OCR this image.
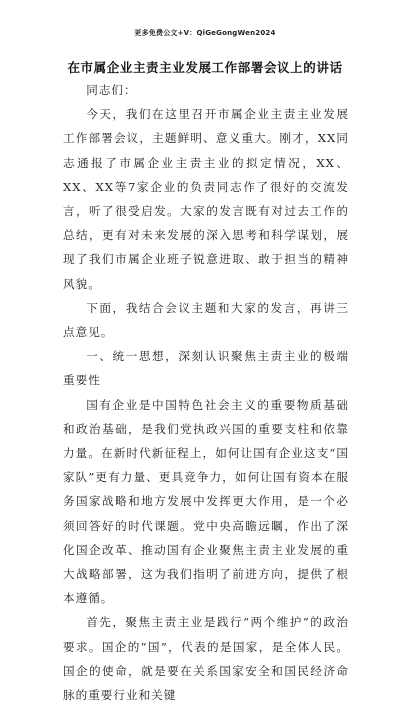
更多免费公文+V：QiGeGongWen2024
在市属企业主责主业发展工作部署会议上的讲话

同志们：

今天，我们在这里召开市属企业主责主业发展工作部署会议，主题鲜明、意义重大。刚才，XX同志通报了市属企业主责主业的拟定情况，XX、XX、XX等7家企业的负责同志作了很好的交流发言，听了很受启发。大家的发言既有对过去工作的总结，更有对未来发展的深入思考和科学谋划，展现了我们市属企业班子锐意进取、敢于担当的精神风貌。

下面，我结合会议主题和大家的发言，再讲三点意见。

一、统一思想，深刻认识聚焦主责主业的极端重要性

国有企业是中国特色社会主义的重要物质基础和政治基础，是我们党执政兴国的重要支柱和依靠力量。在新时代新征程上，如何让国有企业这支“国家队”更有力量、更具竞争力，如何让国有资本在服务国家战略和地方发展中发挥更大作用，是一个必须回答好的时代课题。党中央高瞻远瞩，作出了深化国企改革、推动国有企业聚焦主责主业发展的重大战略部署，这为我们指明了前进方向，提供了根本遵循。

首先，聚焦主责主业是践行“两个维护”的政治要求。国企的“国”，代表的是国家，是全体人民。国企的使命，就是要在关系国家安全和国民经济命脉的重要行业和关键
